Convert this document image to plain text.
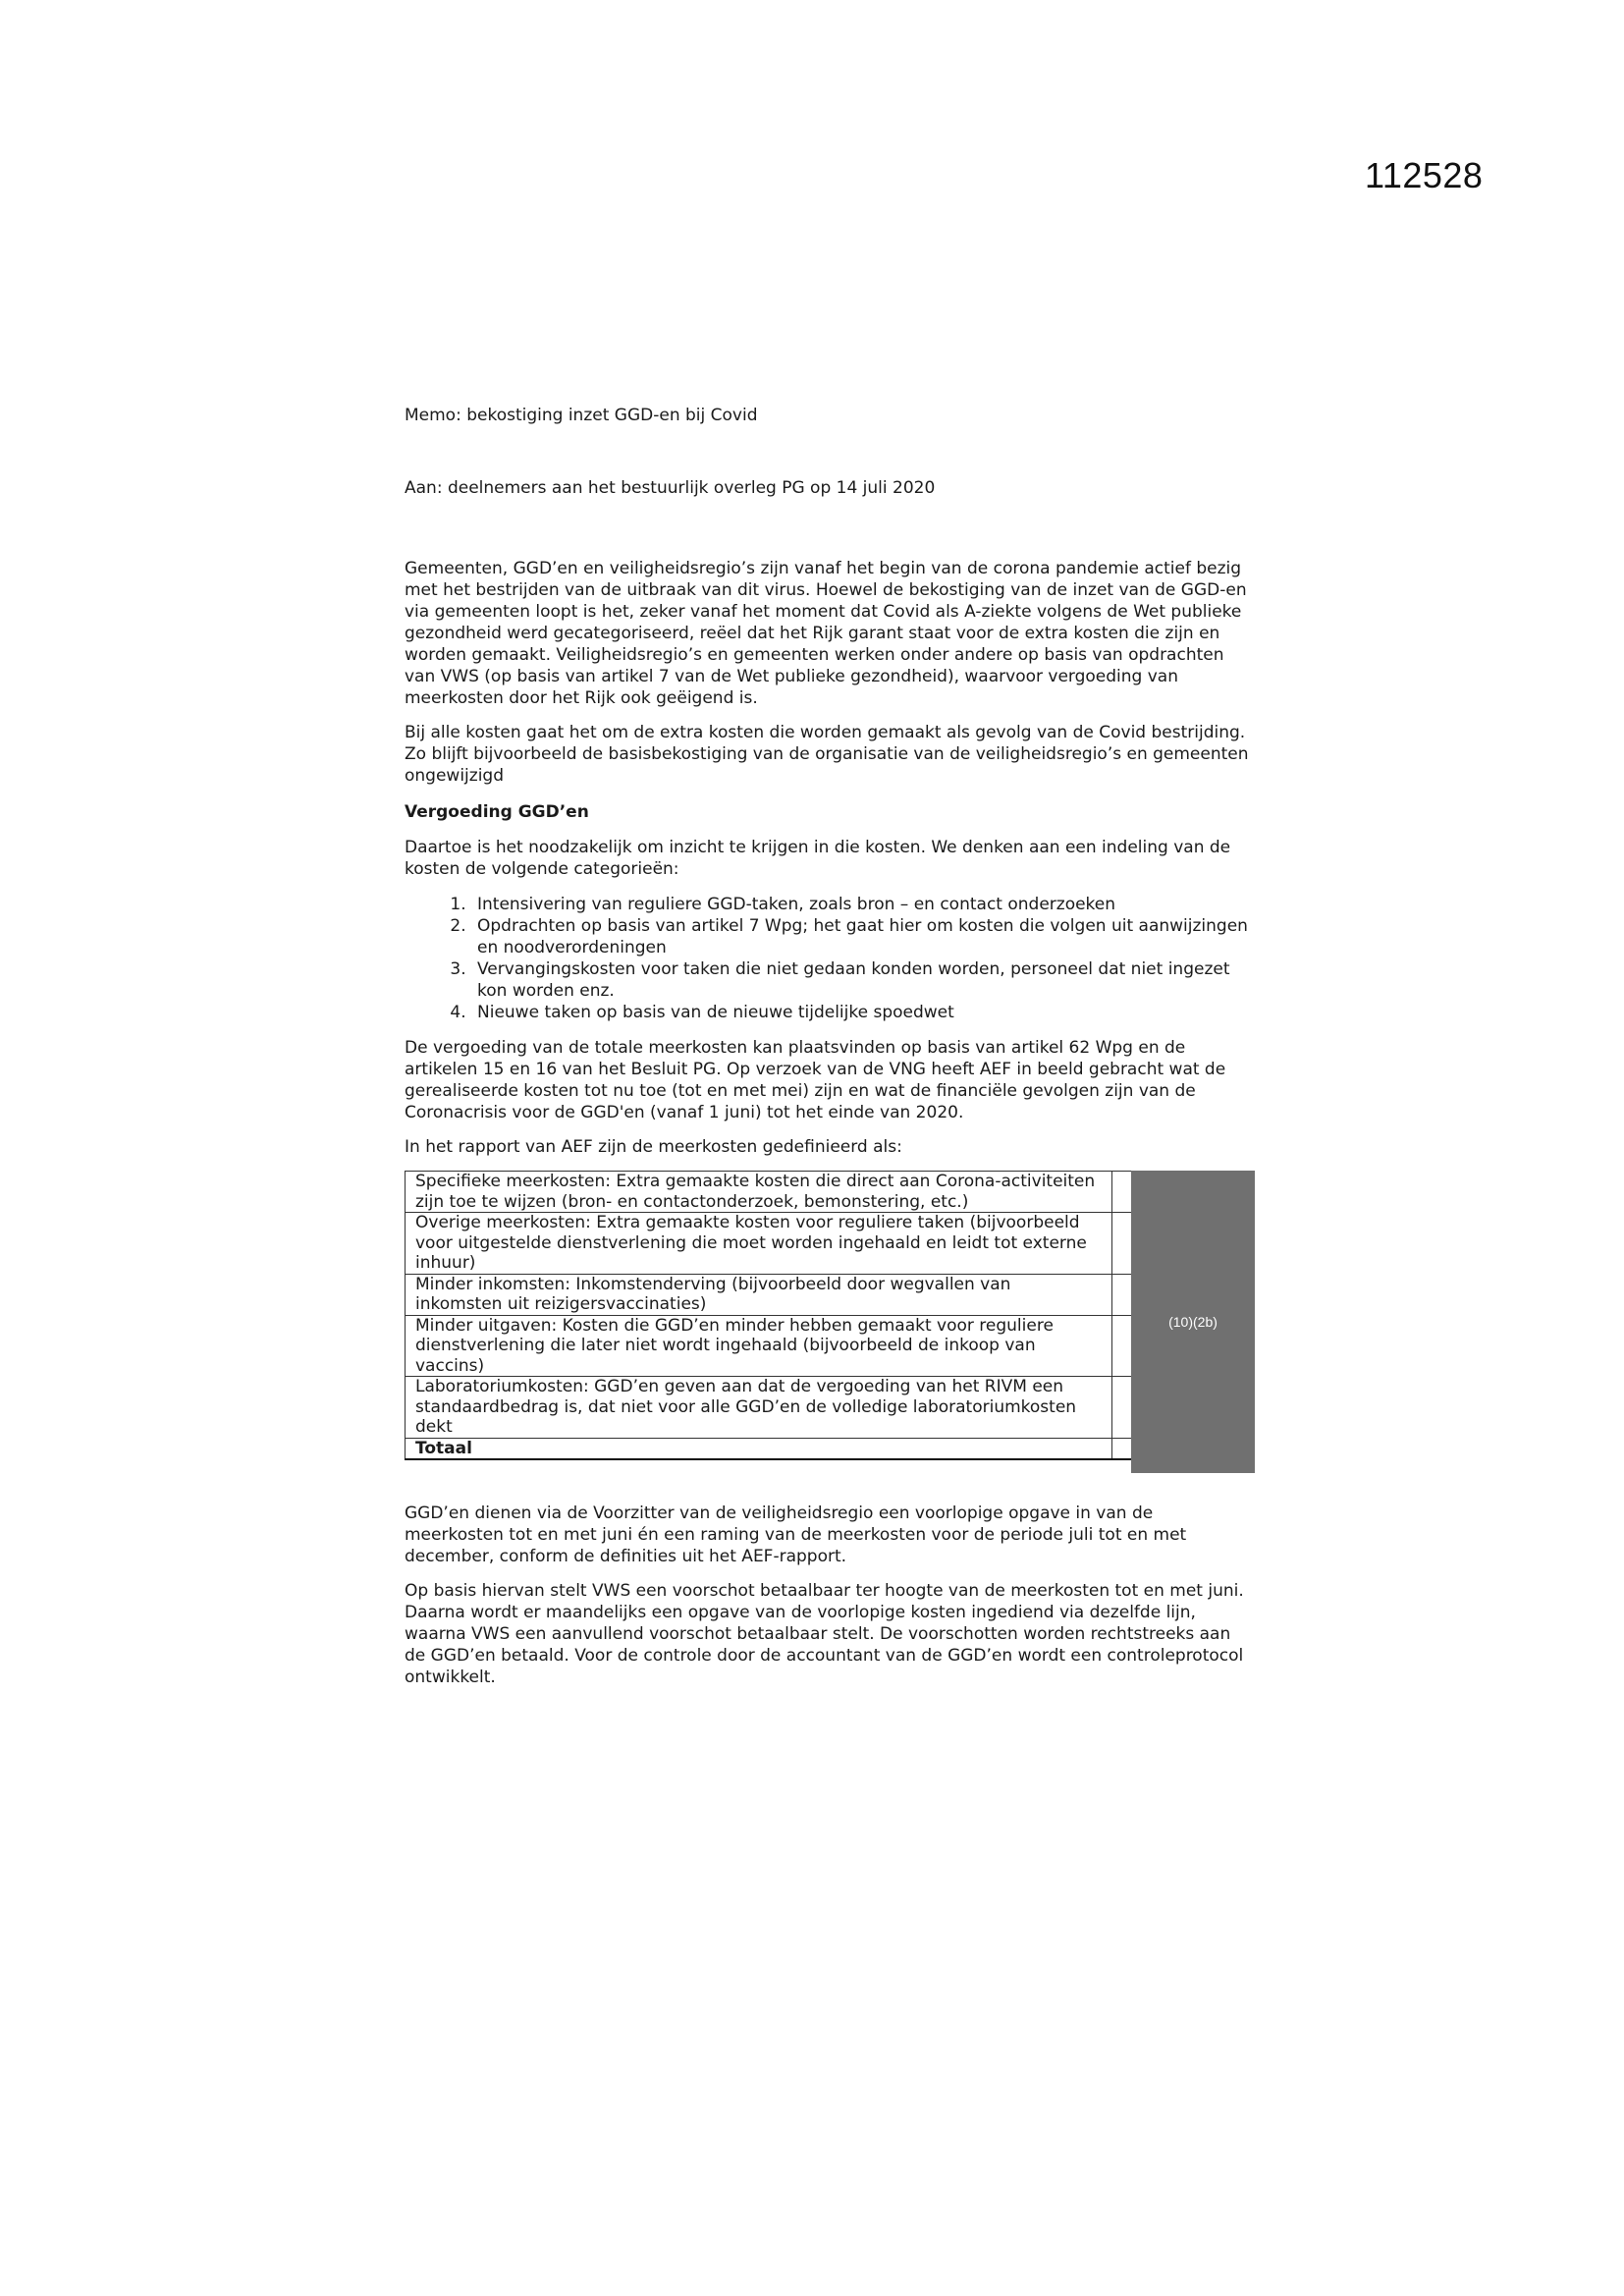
112528

Memo: bekostiging inzet GGD-en bij Covid

Aan: deelnemers aan het bestuurlijk overleg PG op 14 juli 2020

Gemeenten, GGD’en en veiligheidsregio’s zijn vanaf het begin van de corona pandemie actief bezig met het bestrijden van de uitbraak van dit virus. Hoewel de bekostiging van de inzet van de GGD-en via gemeenten loopt is het, zeker vanaf het moment dat Covid als A-ziekte volgens de Wet publieke gezondheid werd gecategoriseerd, reëel dat het Rijk garant staat voor de extra kosten die zijn en worden gemaakt. Veiligheidsregio’s en gemeenten werken onder andere op basis van opdrachten van VWS (op basis van artikel 7 van de Wet publieke gezondheid), waarvoor vergoeding van meerkosten door het Rijk ook geëigend is.

Bij alle kosten gaat het om de extra kosten die worden gemaakt als gevolg van de Covid bestrijding. Zo blijft bijvoorbeeld de basisbekostiging van de organisatie van de veiligheidsregio’s en gemeenten ongewijzigd

Vergoeding GGD’en

Daartoe is het noodzakelijk om inzicht te krijgen in die kosten. We denken aan een indeling van de kosten de volgende categorieën:

1. Intensivering van reguliere GGD-taken, zoals bron – en contact onderzoeken
2. Opdrachten op basis van artikel 7 Wpg; het gaat hier om kosten die volgen uit aanwijzingen en noodverordeningen
3. Vervangingskosten voor taken die niet gedaan konden worden, personeel dat niet ingezet kon worden enz.
4. Nieuwe taken op basis van de nieuwe tijdelijke spoedwet

De vergoeding van de totale meerkosten kan plaatsvinden op basis van artikel 62 Wpg en de artikelen 15 en 16 van het Besluit PG. Op verzoek van de VNG heeft AEF in beeld gebracht wat de gerealiseerde kosten tot nu toe (tot en met mei) zijn en wat de financiële gevolgen zijn van de Coronacrisis voor de GGD'en (vanaf 1 juni) tot het einde van 2020.

In het rapport van AEF zijn de meerkosten gedefinieerd als:

Specifieke meerkosten: Extra gemaakte kosten die direct aan Corona-activiteiten zijn toe te wijzen (bron- en contactonderzoek, bemonstering, etc.)	
Overige meerkosten: Extra gemaakte kosten voor reguliere taken (bijvoorbeeld voor uitgestelde dienstverlening die moet worden ingehaald en leidt tot externe inhuur)	
Minder inkomsten: Inkomstenderving (bijvoorbeeld door wegvallen van inkomsten uit reizigersvaccinaties)	
Minder uitgaven: Kosten die GGD’en minder hebben gemaakt voor reguliere dienstverlening die later niet wordt ingehaald (bijvoorbeeld de inkoop van vaccins)	
Laboratoriumkosten: GGD’en geven aan dat de vergoeding van het RIVM een standaardbedrag is, dat niet voor alle GGD’en de volledige laboratoriumkosten dekt	
Totaal	
(10)(2b)

GGD’en dienen via de Voorzitter van de veiligheidsregio een voorlopige opgave in van de meerkosten tot en met juni én een raming van de meerkosten voor de periode juli tot en met december, conform de definities uit het AEF-rapport.

Op basis hiervan stelt VWS een voorschot betaalbaar ter hoogte van de meerkosten tot en met juni. Daarna wordt er maandelijks een opgave van de voorlopige kosten ingediend via dezelfde lijn, waarna VWS een aanvullend voorschot betaalbaar stelt. De voorschotten worden rechtstreeks aan de GGD’en betaald. Voor de controle door de accountant van de GGD’en wordt een controleprotocol ontwikkelt.
